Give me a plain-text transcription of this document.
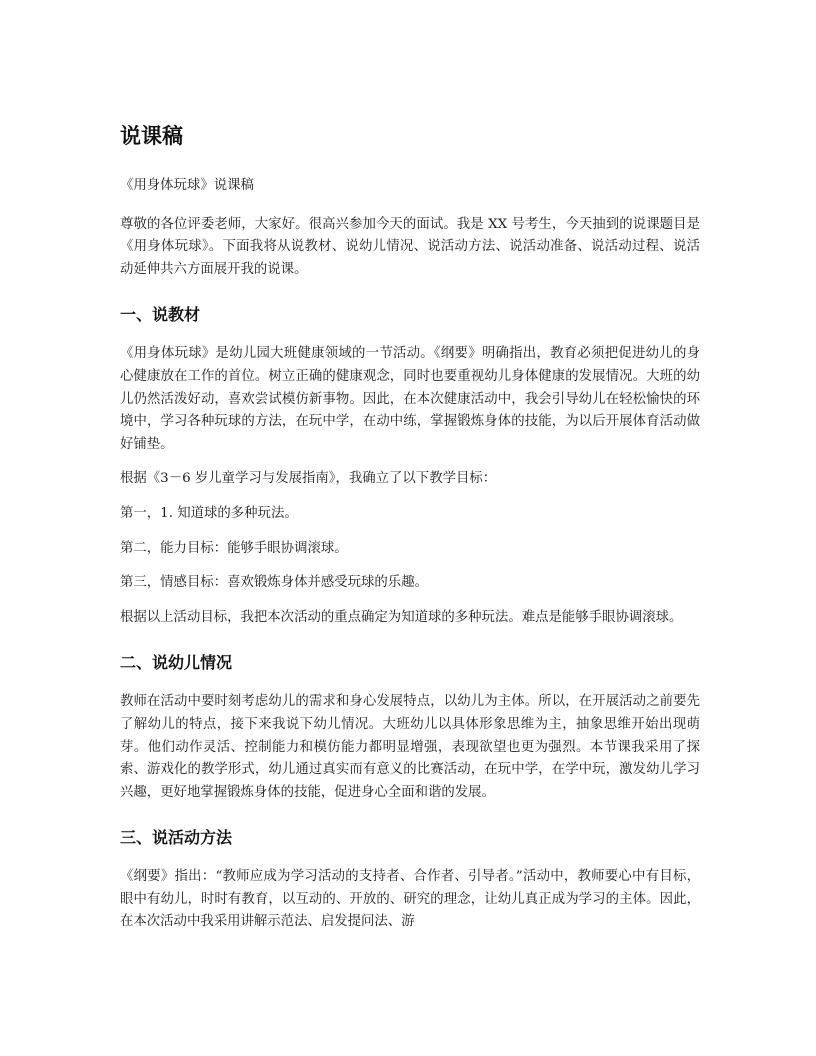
说课稿

《用身体玩球》说课稿

尊敬的各位评委老师，大家好。很高兴参加今天的面试。我是 XX 号考生，今天抽到的说课题目是《用身体玩球》。下面我将从说教材、说幼儿情况、说活动方法、说活动准备、说活动过程、说活动延伸共六方面展开我的说课。

一、说教材

《用身体玩球》是幼儿园大班健康领域的一节活动。《纲要》明确指出，教育必须把促进幼儿的身心健康放在工作的首位。树立正确的健康观念，同时也要重视幼儿身体健康的发展情况。大班的幼儿仍然活泼好动，喜欢尝试模仿新事物。因此，在本次健康活动中，我会引导幼儿在轻松愉快的环境中，学习各种玩球的方法，在玩中学，在动中练，掌握锻炼身体的技能，为以后开展体育活动做好铺垫。

根据《3－6 岁儿童学习与发展指南》，我确立了以下教学目标：

第一，1. 知道球的多种玩法。

第二，能力目标：能够手眼协调滚球。

第三，情感目标：喜欢锻炼身体并感受玩球的乐趣。

根据以上活动目标，我把本次活动的重点确定为知道球的多种玩法。难点是能够手眼协调滚球。

二、说幼儿情况

教师在活动中要时刻考虑幼儿的需求和身心发展特点，以幼儿为主体。所以，在开展活动之前要先了解幼儿的特点，接下来我说下幼儿情况。大班幼儿以具体形象思维为主，抽象思维开始出现萌芽。他们动作灵活、控制能力和模仿能力都明显增强，表现欲望也更为强烈。本节课我采用了探索、游戏化的教学形式，幼儿通过真实而有意义的比赛活动，在玩中学，在学中玩，激发幼儿学习兴趣，更好地掌握锻炼身体的技能，促进身心全面和谐的发展。

三、说活动方法

《纲要》指出：“教师应成为学习活动的支持者、合作者、引导者。”活动中，教师要心中有目标，眼中有幼儿，时时有教育，以互动的、开放的、研究的理念，让幼儿真正成为学习的主体。因此，在本次活动中我采用讲解示范法、启发提问法、游
